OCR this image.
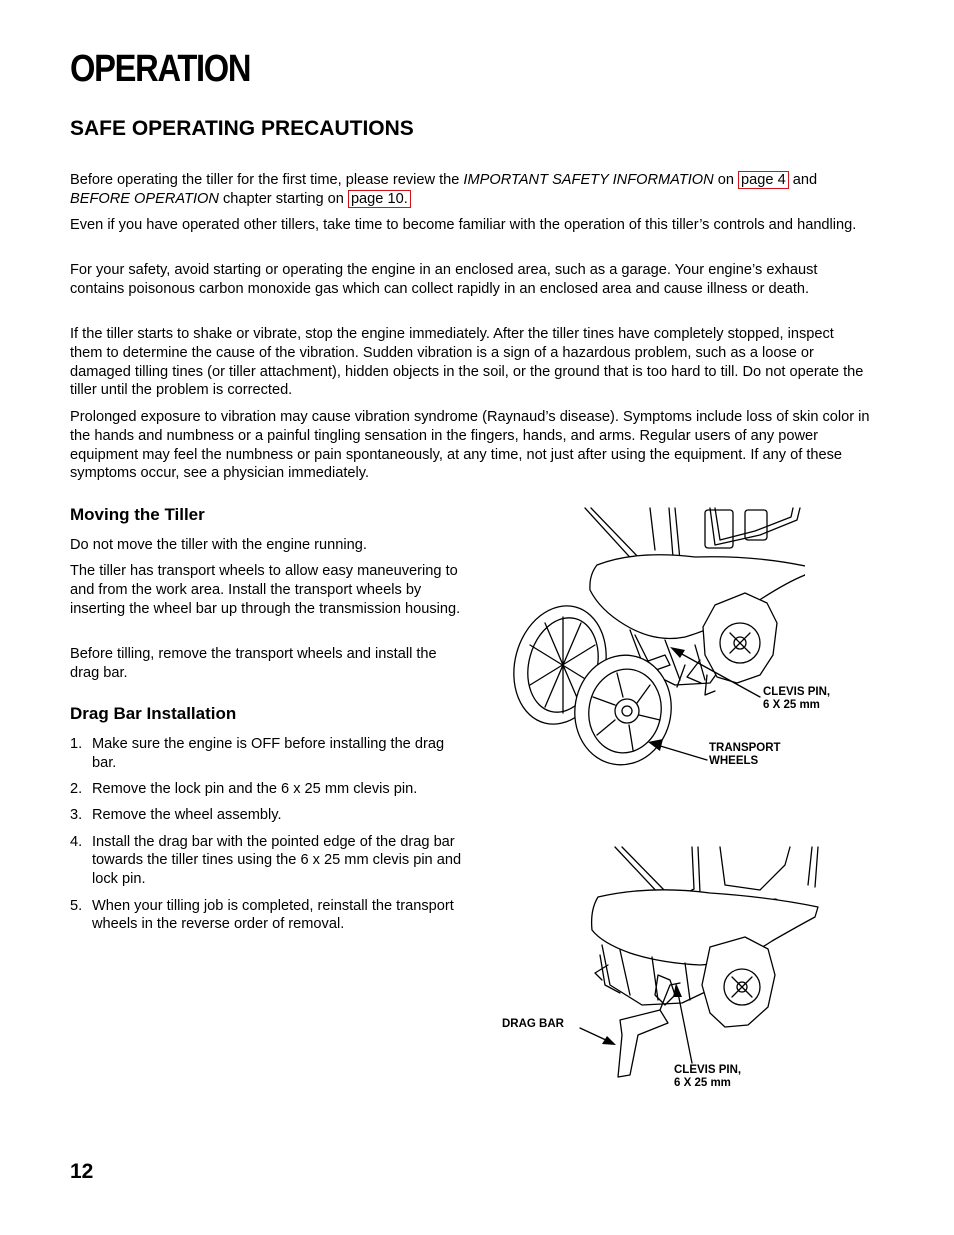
OPERATION
SAFE OPERATING PRECAUTIONS
Before operating the tiller for the first time, please review the IMPORTANT SAFETY INFORMATION on page 4 and
BEFORE OPERATION chapter starting on page 10.
Even if you have operated other tillers, take time to become familiar with the operation of this tiller’s controls and handling.
For your safety, avoid starting or operating the engine in an enclosed area, such as a garage. Your engine’s exhaust contains poisonous carbon monoxide gas which can collect rapidly in an enclosed area and cause illness or death.
If the tiller starts to shake or vibrate, stop the engine immediately. After the tiller tines have completely stopped, inspect them to determine the cause of the vibration. Sudden vibration is a sign of a hazardous problem, such as a loose or damaged tilling tines (or tiller attachment), hidden objects in the soil, or the ground that is too hard to till. Do not operate the tiller until the problem is corrected.
Prolonged exposure to vibration may cause vibration syndrome (Raynaud’s disease). Symptoms include loss of skin color in the hands and numbness or a painful tingling sensation in the fingers, hands, and arms. Regular users of any power equipment may feel the numbness or pain spontaneously, at any time, not just after using the equipment. If any of these symptoms occur, see a physician immediately.
Moving the Tiller
Do not move the tiller with the engine running.
The tiller has transport wheels to allow easy maneuvering to and from the work area. Install the transport wheels by inserting the wheel bar up through the transmission housing.
Before tilling, remove the transport wheels and install the drag bar.
Drag Bar Installation
1. Make sure the engine is OFF before installing the drag bar.
2. Remove the lock pin and the 6 x 25 mm clevis pin.
3. Remove the wheel assembly.
4. Install the drag bar with the pointed edge of the drag bar towards the tiller tines using the 6 x 25 mm clevis pin and lock pin.
5. When your tilling job is completed, reinstall the transport wheels in the reverse order of removal.
CLEVIS PIN,
6 X 25 mm
TRANSPORT
WHEELS
DRAG BAR
CLEVIS PIN,
6 X 25 mm
12
